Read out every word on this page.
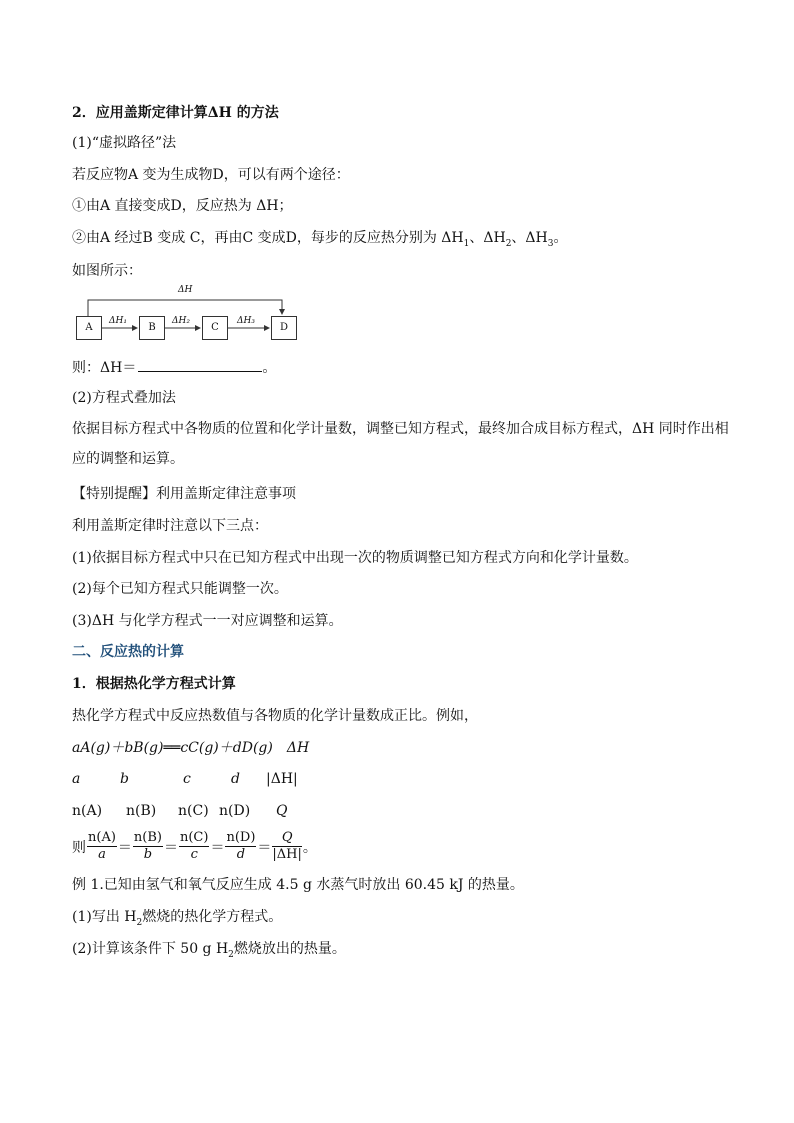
2．应用盖斯定律计算ΔH 的方法
(1)“虚拟路径”法
若反应物A 变为生成物D，可以有两个途径：
①由A 直接变成D，反应热为 ΔH；
②由A 经过B 变成 C，再由C 变成D，每步的反应热分别为 $\Delta H_1$、$\Delta H_2$、$\Delta H_3$。
如图所示：
ΔH
A	B	C	D
ΔH₁	ΔH₂	ΔH₃
则：ΔH＝	。
(2)方程式叠加法
依据目标方程式中各物质的位置和化学计量数，调整已知方程式，最终加合成目标方程式，ΔH 同时作出相应的调整和运算。
【特别提醒】利用盖斯定律注意事项
利用盖斯定律时注意以下三点：
(1)依据目标方程式中只在已知方程式中出现一次的物质调整已知方程式方向和化学计量数。
(2)每个已知方程式只能调整一次。
(3)ΔH 与化学方程式一一对应调整和运算。
二、反应热的计算
1．根据热化学方程式计算
热化学方程式中反应热数值与各物质的化学计量数成正比。例如，
aA(g)＋bB(g)══cC(g)＋dD(g)　ΔH
a	b	c	d	|ΔH|
n(A)	n(B)	n(C) n(D)	Q
则 $\frac{n(A)}{a} = \frac{n(B)}{b} = \frac{n(C)}{c} = \frac{n(D)}{d} = \frac{Q}{|\Delta H|}$ 。
例 1.已知由氢气和氧气反应生成 4.5 g 水蒸气时放出 60.45 kJ 的热量。
(1)写出 $H_2$燃烧的热化学方程式。
(2)计算该条件下 50 g $H_2$燃烧放出的热量。
